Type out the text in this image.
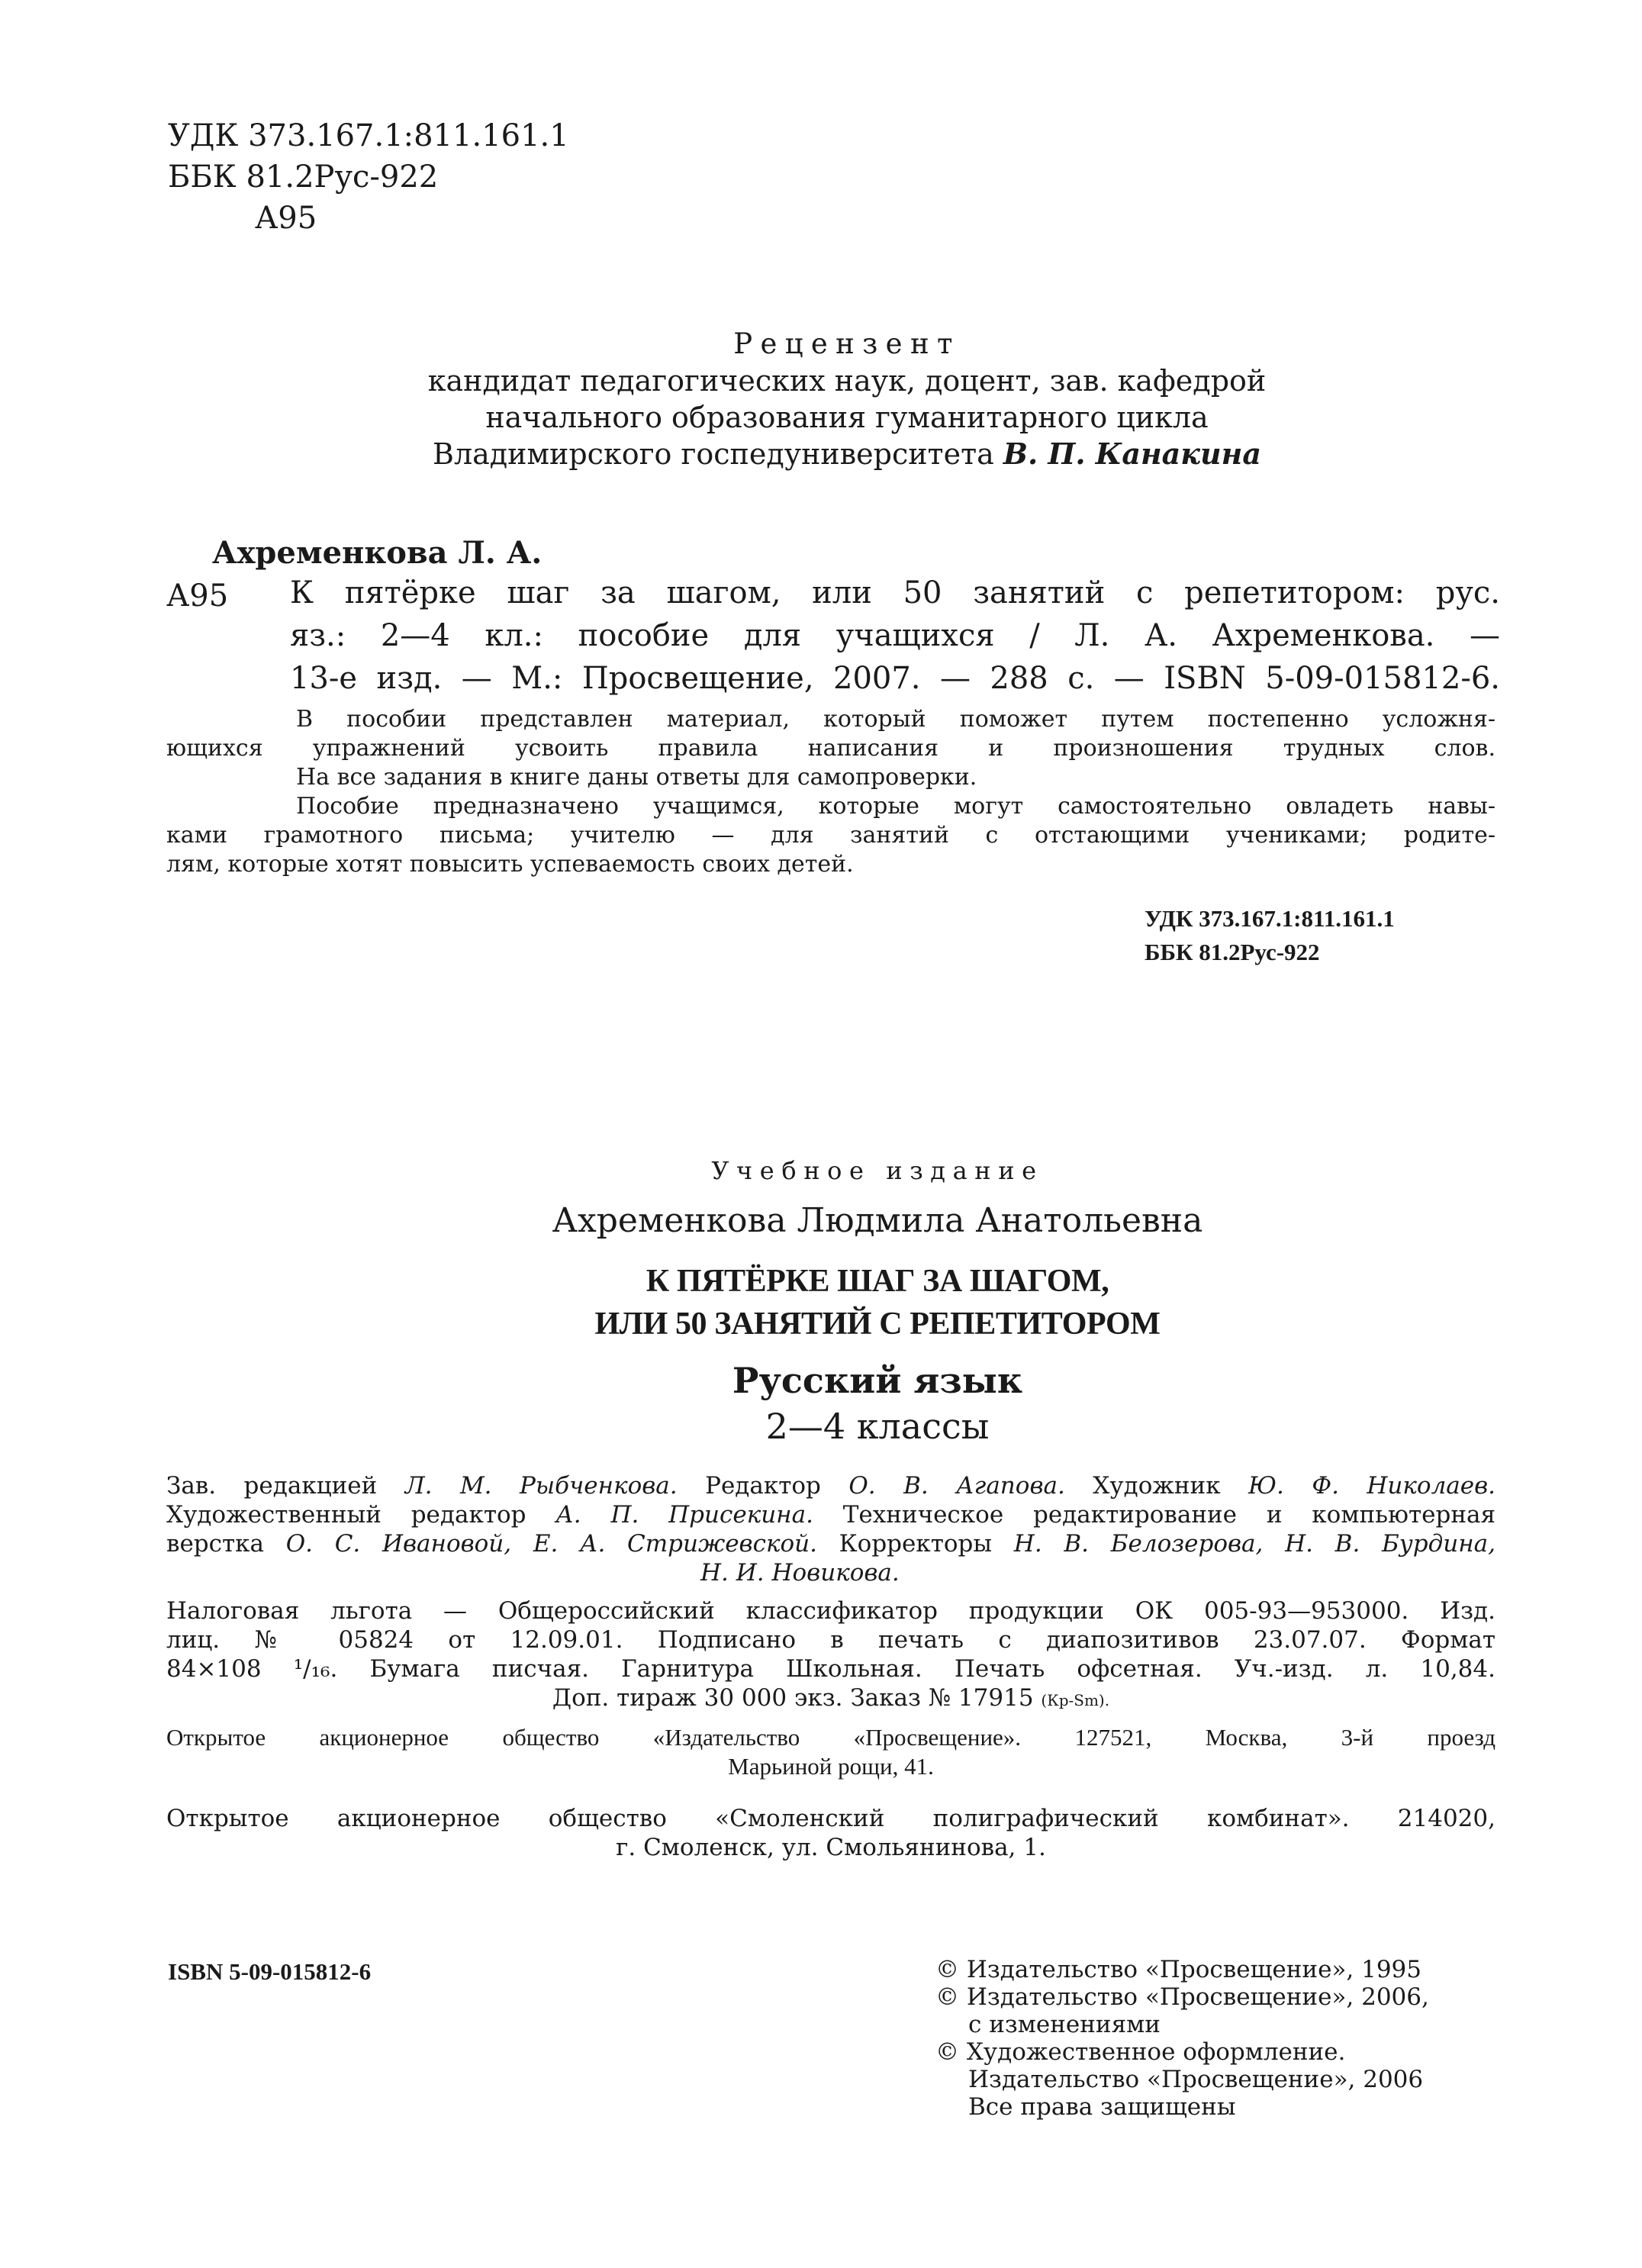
УДК 373.167.1:811.161.1
ББК 81.2Рус-922
А95
Рецензент
кандидат педагогических наук, доцент, зав. кафедрой
начального образования гуманитарного цикла
Владимирского госпедуниверситета В. П. Канакина
Ахременкова Л. А.
А95 К пятёрке шаг за шагом, или 50 занятий с репетитором: рус.
яз.: 2—4 кл.: пособие для учащихся / Л. А. Ахременкова. —
13-е изд. — М.: Просвещение, 2007. — 288 с. — ISBN 5-09-015812-6.
В пособии представлен материал, который поможет путем постепенно усложня-
ющихся упражнений усвоить правила написания и произношения трудных слов.
На все задания в книге даны ответы для самопроверки.
Пособие предназначено учащимся, которые могут самостоятельно овладеть навы-
ками грамотного письма; учителю — для занятий с отстающими учениками; родите-
лям, которые хотят повысить успеваемость своих детей.
УДК 373.167.1:811.161.1
ББК 81.2Рус-922
Учебное издание
Ахременкова Людмила Анатольевна
К ПЯТЁРКЕ ШАГ ЗА ШАГОМ,
ИЛИ 50 ЗАНЯТИЙ С РЕПЕТИТОРОМ
Русский язык
2—4 классы
Зав. редакцией Л. М. Рыбченкова. Редактор О. В. Агапова. Художник Ю. Ф. Николаев.
Художественный редактор А. П. Присекина. Техническое редактирование и компьютерная
верстка О. С. Ивановой, Е. А. Стрижевской. Корректоры Н. В. Белозерова, Н. В. Бурдина,
Н. И. Новикова.
Налоговая льгота — Общероссийский классификатор продукции ОК 005-93—953000. Изд.
лиц. № 05824 от 12.09.01. Подписано в печать с диапозитивов 23.07.07. Формат
84×108 ¹/₁₆. Бумага писчая. Гарнитура Школьная. Печать офсетная. Уч.-изд. л. 10,84.
Доп. тираж 30 000 экз. Заказ № 17915 (Кр-Sm).
Открытое акционерное общество «Издательство «Просвещение». 127521, Москва, 3-й проезд
Марьиной рощи, 41.
Открытое акционерное общество «Смоленский полиграфический комбинат». 214020,
г. Смоленск, ул. Смольянинова, 1.
ISBN 5-09-015812-6	© Издательство «Просвещение», 1995
© Издательство «Просвещение», 2006,
с изменениями
© Художественное оформление.
Издательство «Просвещение», 2006
Все права защищены
